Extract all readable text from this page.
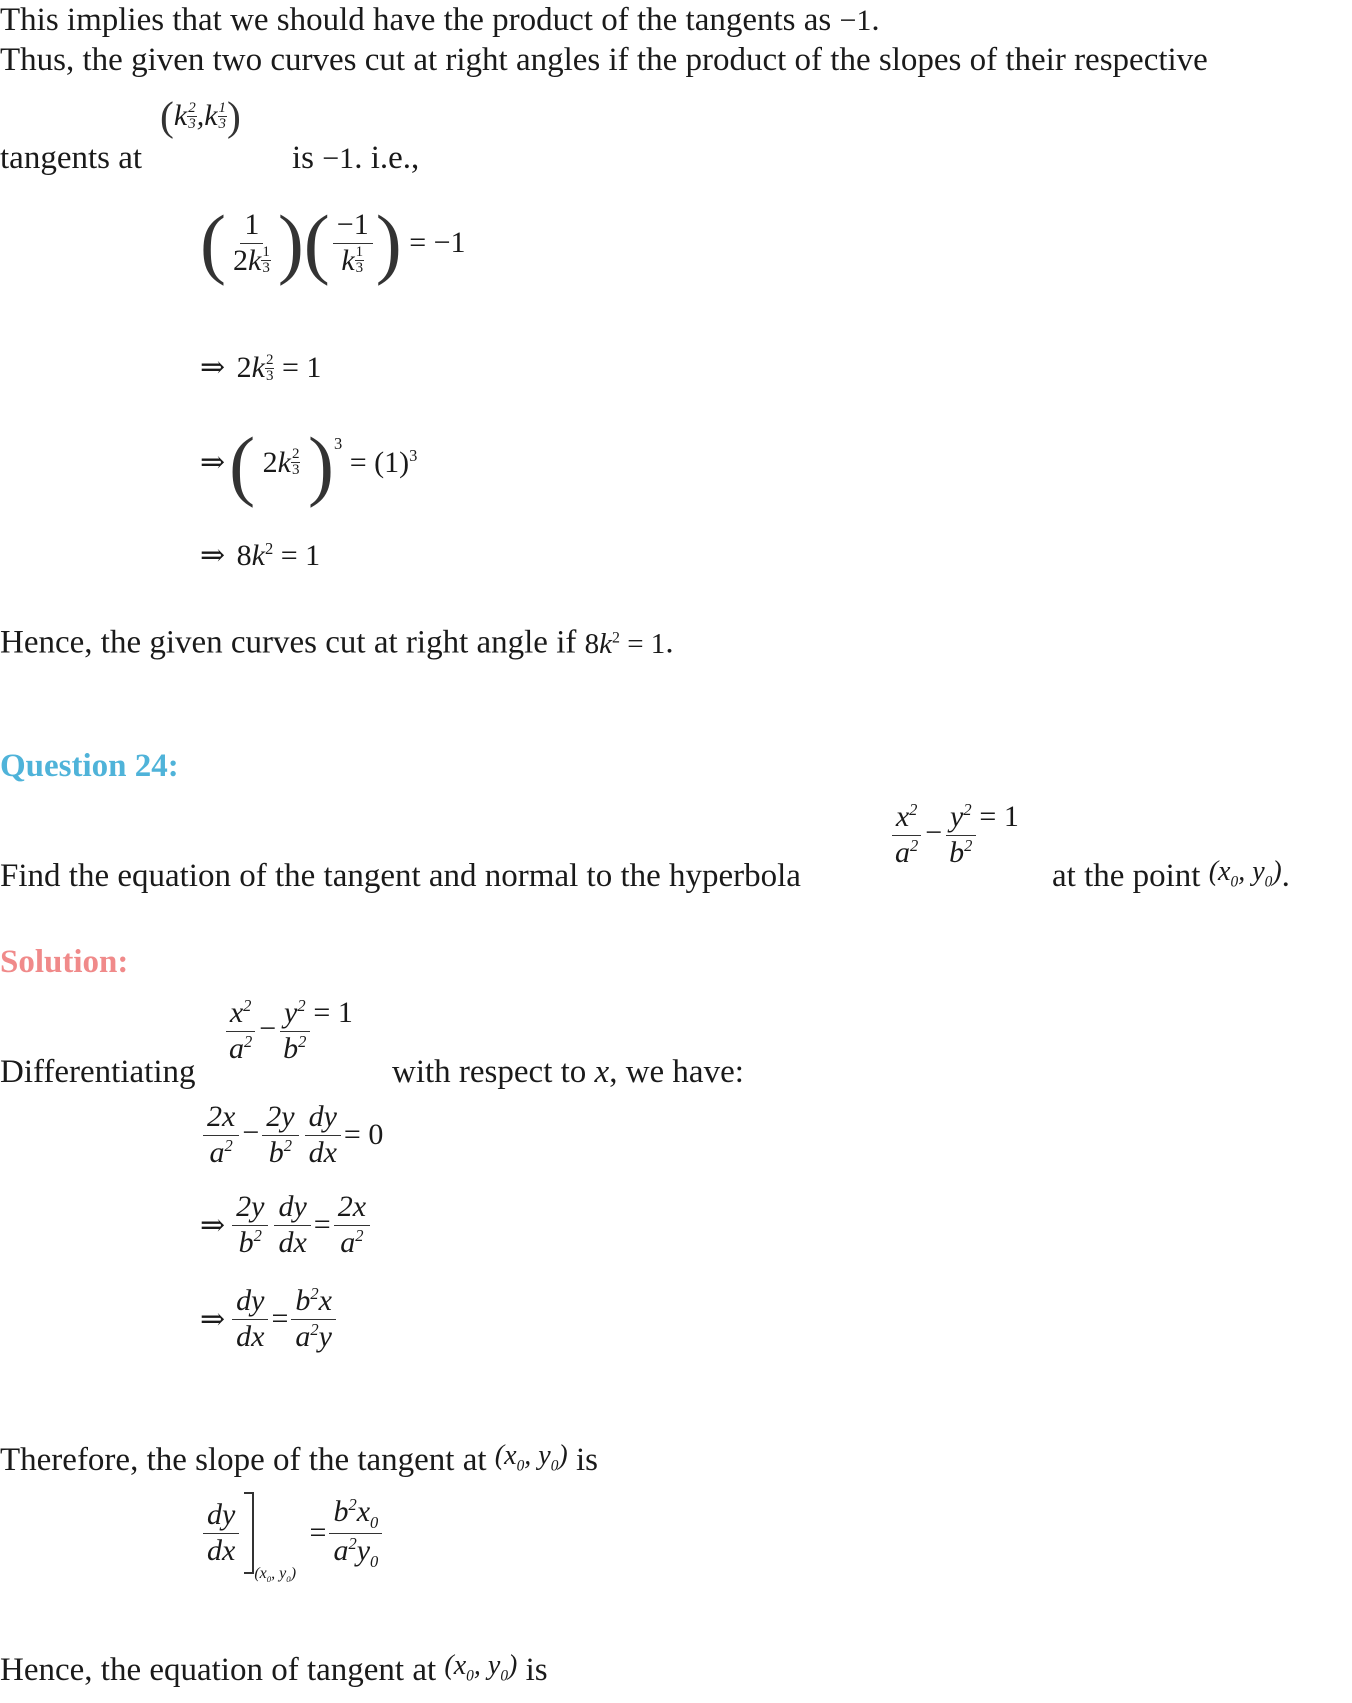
This implies that we should have the product of the tangents as −1.
Thus, the given two curves cut at right angles if the product of the slopes of their respective
tangents at
($k \frac{2}{3} ,k \frac{1}{3}$ )
is −1. i.e.,
( $\frac{1}{2k \frac{1}{3}}$ )( $\frac{-1}{k \frac{1}{3}}$ ) = −1
⇒ $2k \frac{2}{3} = 1$
⇒( $2k \frac{2}{3} )^3 = (1)^3$
⇒ $8k^2 = 1$
Hence, the given curves cut at right angle if $8k^2 = 1$.
Question 24:
Find the equation of the tangent and normal to the hyperbola
$\frac{x^2}{a^2} - \frac{y^2}{b^2} = 1$
at the point ($x_0$, $y_0$).
Solution:
Differentiating
$\frac{x^2}{a^2} - \frac{y^2}{b^2} = 1$
with respect to x, we have:
$\frac{2x}{a^2} - \frac{2y}{b^2} \frac{dy}{dx} = 0$
⇒ $\frac{2y}{b^2} \frac{dy}{dx} = \frac{2x}{a^2}$
⇒ $\frac{dy}{dx} = \frac{b^2x}{a^2y}$
Therefore, the slope of the tangent at ($x_0$, $y_0$) is
$\frac{dy}{dx}$
$_{(x_0, y_0)} = \frac{b^2x_0}{a^2y_0}$
Hence, the equation of tangent at ($x_0$, $y_0$) is
